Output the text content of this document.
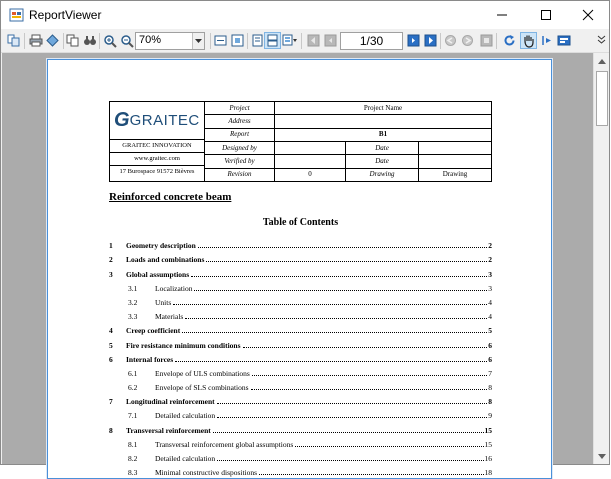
ReportViewer
70%	1/30
G GRAITEC
GRAITEC INNOVATION
www.graitec.com
17 Burospace 91572 Bièvres	Project	Project Name		
	Address			
	Report	B1		
	Designed by		Date	
	Verified by		Date	
	Revision	0	Drawing	Drawing
Reinforced concrete beam
Table of Contents
1	Geometry description	2
2	Loads and combinations	2
3	Global assumptions	3
3.1	Localization	3
3.2	Units	4
3.3	Materials	4
4	Creep coefficient	5
5	Fire resistance minimum conditions	6
6	Internal forces	6
6.1	Envelope of ULS combinations	7
6.2	Envelope of SLS combinations	8
7	Longitudinal reinforcement	8
7.1	Detailed calculation	9
8	Transversal reinforcement	15
8.1	Transversal reinforcement global assumptions	15
8.2	Detailed calculation	16
8.3	Minimal constructive dispositions	18
